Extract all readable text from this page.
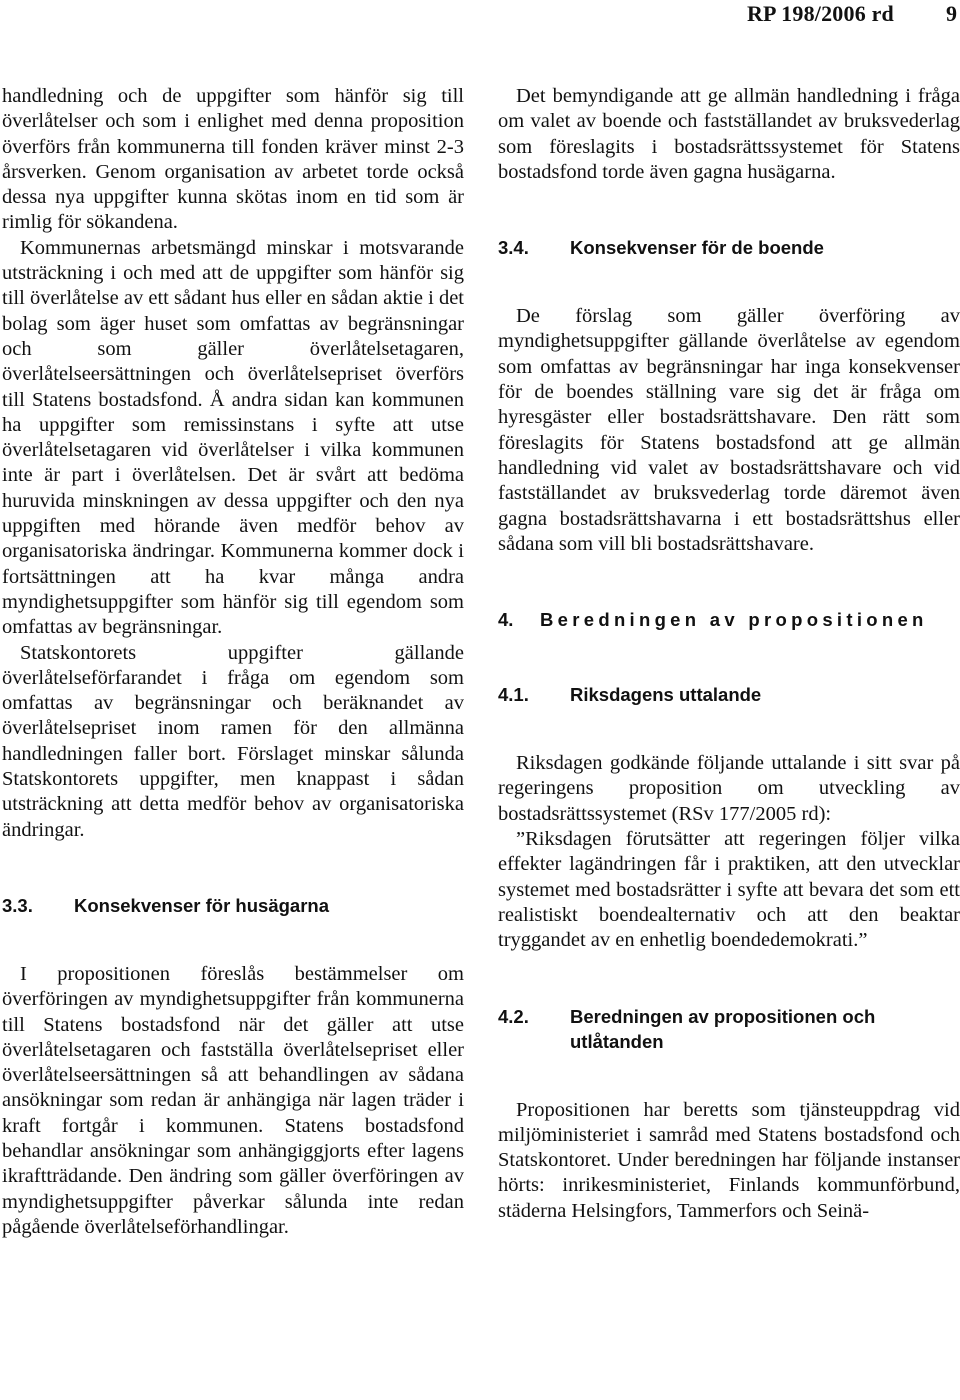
RP 198/2006 rd 9

handledning och de uppgifter som hänför sig till överlåtelser och som i enlighet med denna proposition överförs från kommunerna till fonden kräver minst 2-3 årsverken. Genom organisation av arbetet torde också dessa nya uppgifter kunna skötas inom en tid som är rimlig för sökandena.

Kommunernas arbetsmängd minskar i motsvarande utsträckning i och med att de uppgifter som hänför sig till överlåtelse av ett sådant hus eller en sådan aktie i det bolag som äger huset som omfattas av begränsningar och som gäller överlåtelsetagaren, överlåtelseersättningen och överlåtelsepriset överförs till Statens bostadsfond. Å andra sidan kan kommunen ha uppgifter som remissinstans i syfte att utse överlåtelsetagaren vid överlåtelser i vilka kommunen inte är part i överlåtelsen. Det är svårt att bedöma huruvida minskningen av dessa uppgifter och den nya uppgiften med hörande även medför behov av organisatoriska ändringar. Kommunerna kommer dock i fortsättningen att ha kvar många andra myndighetsuppgifter som hänför sig till egendom som omfattas av begränsningar.

Statskontorets uppgifter gällande överlåtelseförfarandet i fråga om egendom som omfattas av begränsningar och beräknandet av överlåtelsepriset inom ramen för den allmänna handledningen faller bort. Förslaget minskar sålunda Statskontorets uppgifter, men knappast i sådan utsträckning att detta medför behov av organisatoriska ändringar.

3.3.	Konsekvenser för husägarna

I propositionen föreslås bestämmelser om överföringen av myndighetsuppgifter från kommunerna till Statens bostadsfond när det gäller att utse överlåtelsetagaren och fastställa överlåtelsepriset eller överlåtelseersättningen så att behandlingen av sådana ansökningar som redan är anhängiga när lagen träder i kraft fortgår i kommunen. Statens bostadsfond behandlar ansökningar som anhängiggjorts efter lagens ikraftträdande. Den ändring som gäller överföringen av myndighetsuppgifter påverkar sålunda inte redan pågående överlåtelseförhandlingar.

Det bemyndigande att ge allmän handledning i fråga om valet av boende och fastställandet av bruksvederlag som föreslagits i bostadsrättssystemet för Statens bostadsfond torde även gagna husägarna.

3.4.	Konsekvenser för de boende

De förslag som gäller överföring av myndighetsuppgifter gällande överlåtelse av egendom som omfattas av begränsningar har inga konsekvenser för de boendes ställning vare sig det är fråga om hyresgäster eller bostadsrättshavare. Den rätt som föreslagits för Statens bostadsfond att ge allmän handledning vid valet av bostadsrättshavare och vid fastställandet av bruksvederlag torde däremot även gagna bostadsrättshavarna i ett bostadsrättshus eller sådana som vill bli bostadsrättshavare.

4.	Beredningen av propositionen
4.1.	Riksdagens uttalande

Riksdagen godkände följande uttalande i sitt svar på regeringens proposition om utveckling av bostadsrättssystemet (RSv 177/2005 rd):

”Riksdagen förutsätter att regeringen följer vilka effekter lagändringen får i praktiken, att den utvecklar systemet med bostadsrätter i syfte att bevara det som ett realistiskt boendealternativ och att den beaktar tryggandet av en enhetlig boendedemokrati.”

4.2.	Beredningen av propositionen och utlåtanden

Propositionen har beretts som tjänsteuppdrag vid miljöministeriet i samråd med Statens bostadsfond och Statskontoret. Under beredningen har följande instanser hörts: inrikesministeriet, Finlands kommunförbund, städerna Helsingfors, Tammerfors och Seinä-
